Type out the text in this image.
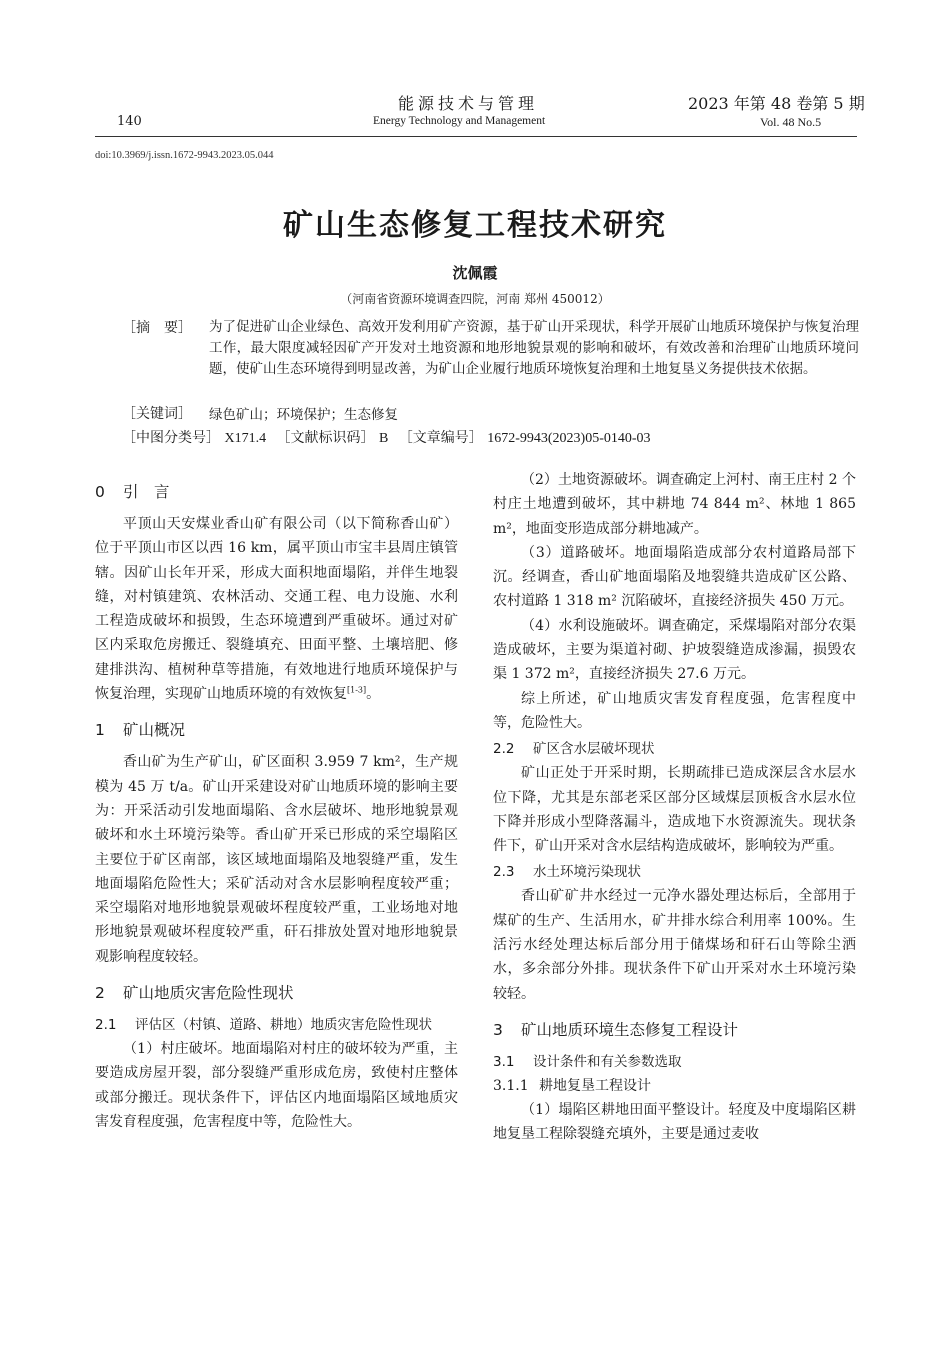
140
能源技术与管理
Energy Technology and Management
2023 年第 48 卷第 5 期
Vol. 48 No.5
doi:10.3969/j.issn.1672-9943.2023.05.044
矿山生态修复工程技术研究
沈佩霞
（河南省资源环境调查四院，河南 郑州 450012）
［摘　要］ 为了促进矿山企业绿色、高效开发利用矿产资源，基于矿山开采现状，科学开展矿山地质环境保护与恢复治理工作，最大限度减轻因矿产开发对土地资源和地形地貌景观的影响和破坏，有效改善和治理矿山地质环境问题，使矿山生态环境得到明显改善，为矿山企业履行地质环境恢复治理和土地复垦义务提供技术依据。
［关键词］ 绿色矿山；环境保护；生态修复
［中图分类号］ X171.4 ［文献标识码］ B ［文章编号］ 1672-9943(2023)05-0140-03
0 引　言

平顶山天安煤业香山矿有限公司（以下简称香山矿）位于平顶山市区以西 16 km，属平顶山市宝丰县周庄镇管辖。因矿山长年开采，形成大面积地面塌陷，并伴生地裂缝，对村镇建筑、农林活动、交通工程、电力设施、水利工程造成破坏和损毁，生态环境遭到严重破坏。通过对矿区内采取危房搬迁、裂缝填充、田面平整、土壤培肥、修建排洪沟、植树种草等措施，有效地进行地质环境保护与恢复治理，实现矿山地质环境的有效恢复[1-3]。

1 矿山概况

香山矿为生产矿山，矿区面积 3.959 7 km²，生产规模为 45 万 t/a。矿山开采建设对矿山地质环境的影响主要为：开采活动引发地面塌陷、含水层破坏、地形地貌景观破坏和水土环境污染等。香山矿开采已形成的采空塌陷区主要位于矿区南部，该区域地面塌陷及地裂缝严重，发生地面塌陷危险性大；采矿活动对含水层影响程度较严重；采空塌陷对地形地貌景观破坏程度较严重，工业场地对地形地貌景观破坏程度较严重，矸石排放处置对地形地貌景观影响程度较轻。

2 矿山地质灾害危险性现状
2.1 评估区（村镇、道路、耕地）地质灾害危险性现状

（1）村庄破坏。地面塌陷对村庄的破坏较为严重，主要造成房屋开裂，部分裂缝严重形成危房，致使村庄整体或部分搬迁。现状条件下，评估区内地面塌陷区域地质灾害发育程度强，危害程度中等，危险性大。

（2）土地资源破坏。调查确定上河村、南王庄村 2 个村庄土地遭到破坏，其中耕地 74 844 m²、林地 1 865 m²，地面变形造成部分耕地减产。

（3）道路破坏。地面塌陷造成部分农村道路局部下沉。经调查，香山矿地面塌陷及地裂缝共造成矿区公路、农村道路 1 318 m² 沉陷破坏，直接经济损失 450 万元。

（4）水利设施破坏。调查确定，采煤塌陷对部分农渠造成破坏，主要为渠道衬砌、护坡裂缝造成渗漏，损毁农渠 1 372 m²，直接经济损失 27.6 万元。

综上所述，矿山地质灾害发育程度强，危害程度中等，危险性大。

2.2 矿区含水层破坏现状

矿山正处于开采时期，长期疏排已造成深层含水层水位下降，尤其是东部老采区部分区域煤层顶板含水层水位下降并形成小型降落漏斗，造成地下水资源流失。现状条件下，矿山开采对含水层结构造成破坏，影响较为严重。

2.3 水土环境污染现状

香山矿矿井水经过一元净水器处理达标后，全部用于煤矿的生产、生活用水，矿井排水综合利用率 100%。生活污水经处理达标后部分用于储煤场和矸石山等除尘洒水，多余部分外排。现状条件下矿山开采对水土环境污染较轻。

3 矿山地质环境生态修复工程设计
3.1 设计条件和有关参数选取
3.1.1 耕地复垦工程设计

（1）塌陷区耕地田面平整设计。轻度及中度塌陷区耕地复垦工程除裂缝充填外，主要是通过麦收
